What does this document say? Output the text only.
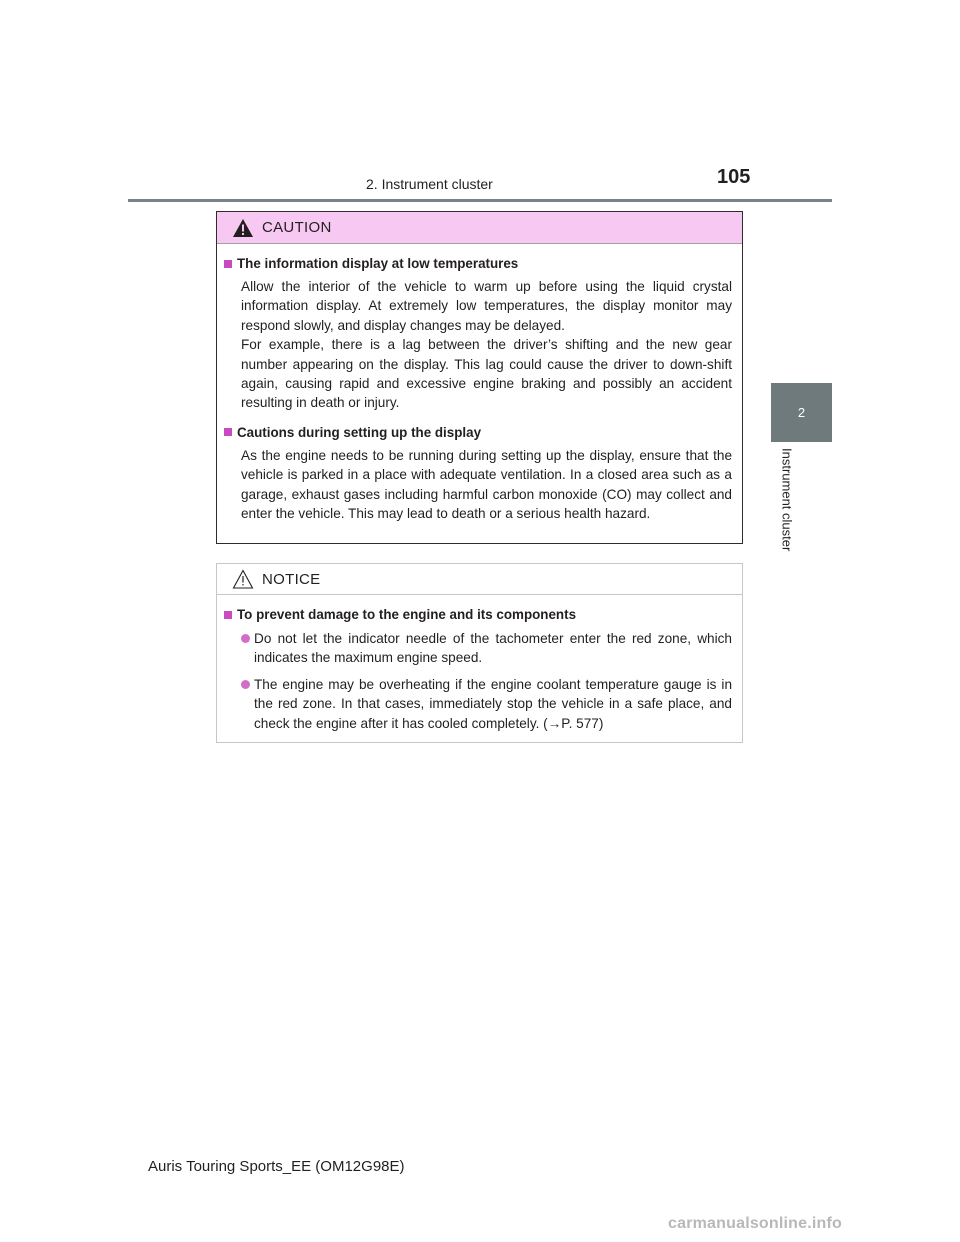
2. Instrument cluster	105
2
Instrument cluster
CAUTION
The information display at low temperatures

Allow the interior of the vehicle to warm up before using the liquid crystal information display. At extremely low temperatures, the display monitor may respond slowly, and display changes may be delayed.

For example, there is a lag between the driver’s shifting and the new gear number appearing on the display. This lag could cause the driver to down-shift again, causing rapid and excessive engine braking and possibly an accident resulting in death or injury.

Cautions during setting up the display

As the engine needs to be running during setting up the display, ensure that the vehicle is parked in a place with adequate ventilation. In a closed area such as a garage, exhaust gases including harmful carbon monoxide (CO) may collect and enter the vehicle. This may lead to death or a serious health hazard.

NOTICE
To prevent damage to the engine and its components
Do not let the indicator needle of the tachometer enter the red zone, which indicates the maximum engine speed.
The engine may be overheating if the engine coolant temperature gauge is in the red zone. In that cases, immediately stop the vehicle in a safe place, and check the engine after it has cooled completely. (→P. 577)
Auris Touring Sports_EE (OM12G98E)
carmanualsonline.info
